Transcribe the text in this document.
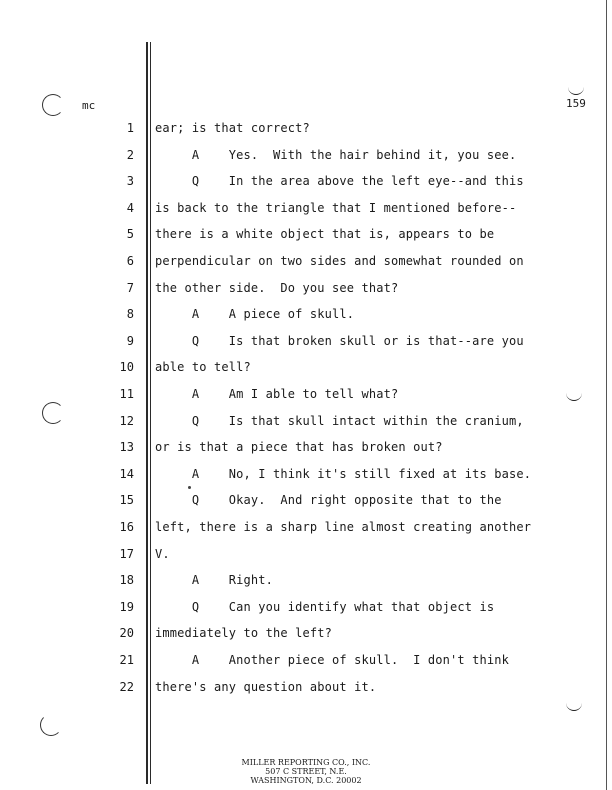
mc	159
1 ear; is that correct?
2 A    Yes.  With the hair behind it, you see.
3 Q    In the area above the left eye--and this
4 is back to the triangle that I mentioned before--
5 there is a white object that is, appears to be
6 perpendicular on two sides and somewhat rounded on
7 the other side.  Do you see that?
8 A    A piece of skull.
9 Q    Is that broken skull or is that--are you
10 able to tell?
11 A    Am I able to tell what?
12 Q    Is that skull intact within the cranium,
13 or is that a piece that has broken out?
14 A    No, I think it's still fixed at its base.
15 Q    Okay.  And right opposite that to the
16 left, there is a sharp line almost creating another
17 V.
18 A    Right.
19 Q    Can you identify what that object is
20 immediately to the left?
21 A    Another piece of skull.  I don't think
22 there's any question about it.
MILLER REPORTING CO., INC.
507 C STREET, N.E.
WASHINGTON, D.C. 20002
